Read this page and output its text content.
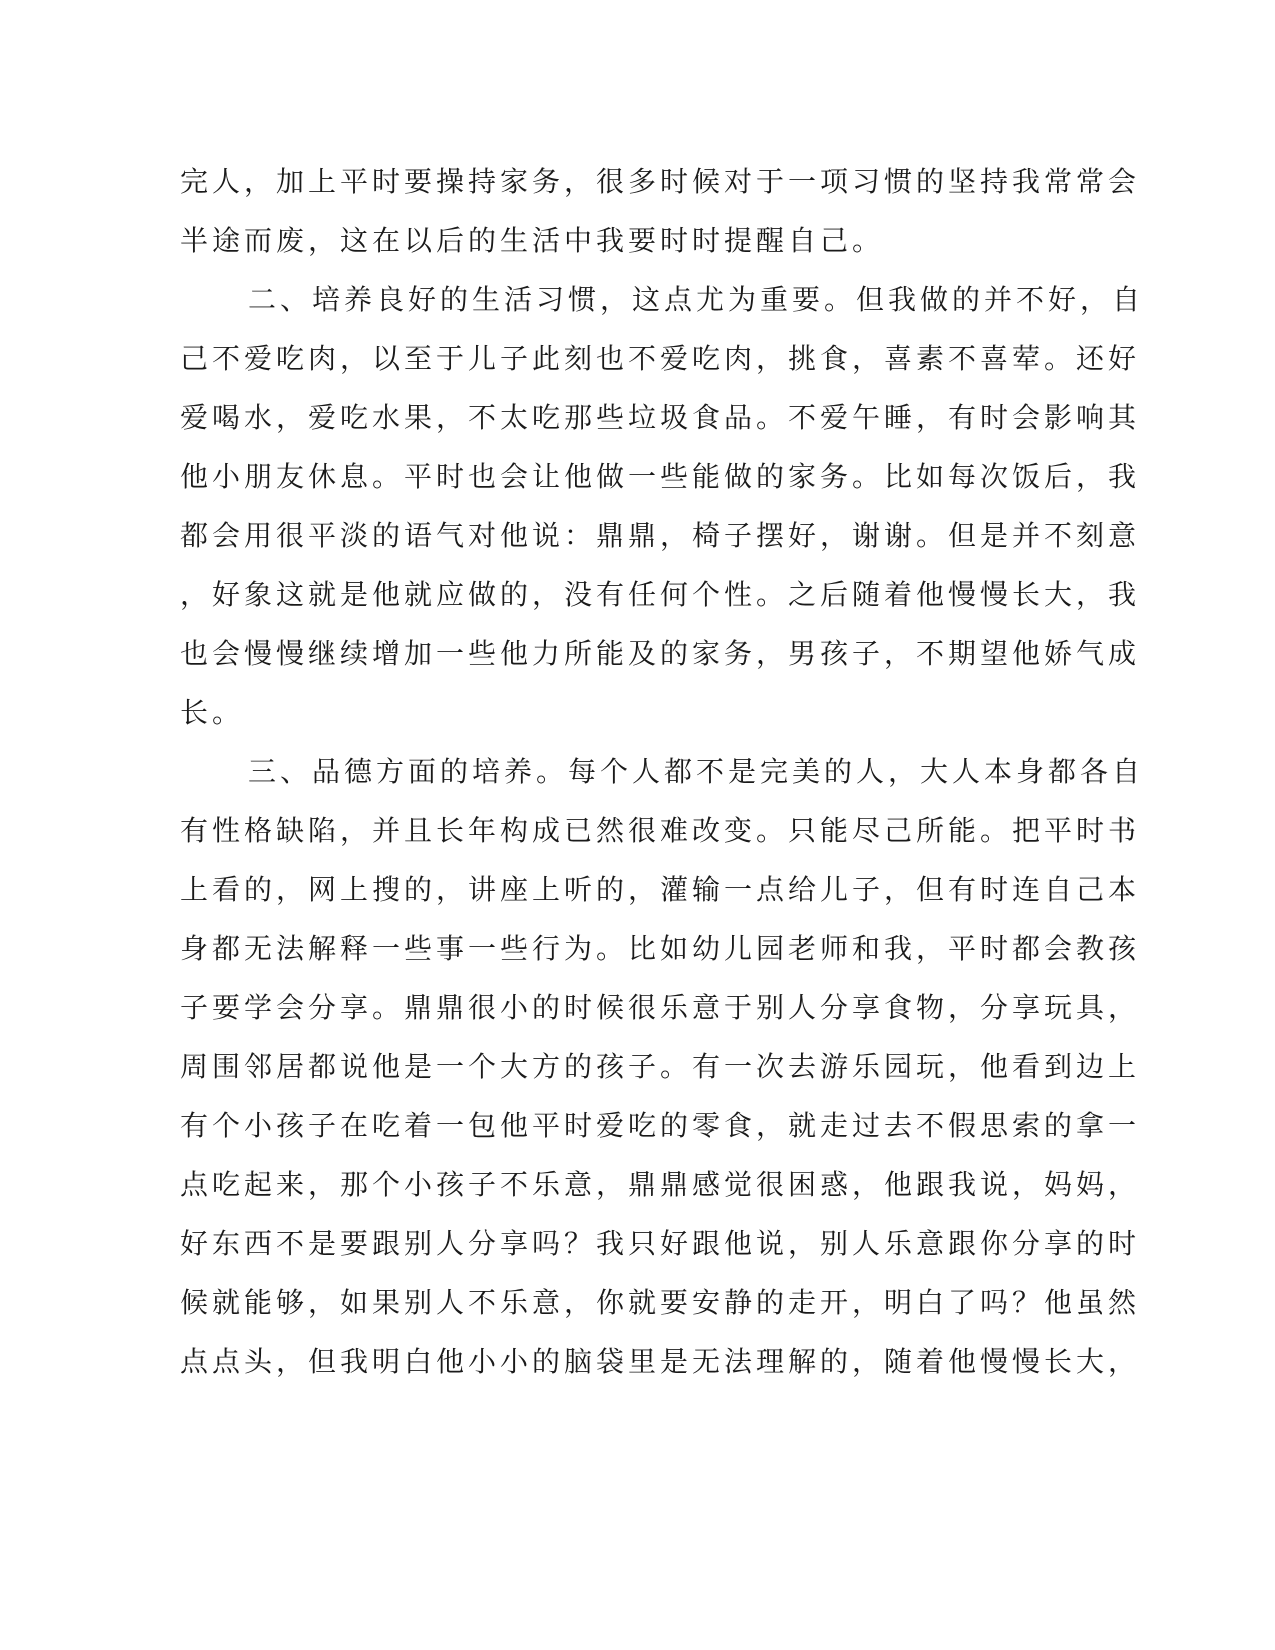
完人，加上平时要操持家务，很多时候对于一项习惯的坚持我常常会
半途而废，这在以后的生活中我要时时提醒自己。
二、培养良好的生活习惯，这点尤为重要。但我做的并不好，自
己不爱吃肉，以至于儿子此刻也不爱吃肉，挑食，喜素不喜荤。还好
爱喝水，爱吃水果，不太吃那些垃圾食品。不爱午睡，有时会影响其
他小朋友休息。平时也会让他做一些能做的家务。比如每次饭后，我
都会用很平淡的语气对他说：鼎鼎，椅子摆好，谢谢。但是并不刻意
，好象这就是他就应做的，没有任何个性。之后随着他慢慢长大，我
也会慢慢继续增加一些他力所能及的家务，男孩子，不期望他娇气成
长。
三、品德方面的培养。每个人都不是完美的人，大人本身都各自
有性格缺陷，并且长年构成已然很难改变。只能尽己所能。把平时书
上看的，网上搜的，讲座上听的，灌输一点给儿子，但有时连自己本
身都无法解释一些事一些行为。比如幼儿园老师和我，平时都会教孩
子要学会分享。鼎鼎很小的时候很乐意于别人分享食物，分享玩具，
周围邻居都说他是一个大方的孩子。有一次去游乐园玩，他看到边上
有个小孩子在吃着一包他平时爱吃的零食，就走过去不假思索的拿一
点吃起来，那个小孩子不乐意，鼎鼎感觉很困惑，他跟我说，妈妈，
好东西不是要跟别人分享吗？我只好跟他说，别人乐意跟你分享的时
候就能够，如果别人不乐意，你就要安静的走开，明白了吗？他虽然
点点头，但我明白他小小的脑袋里是无法理解的，随着他慢慢长大，
